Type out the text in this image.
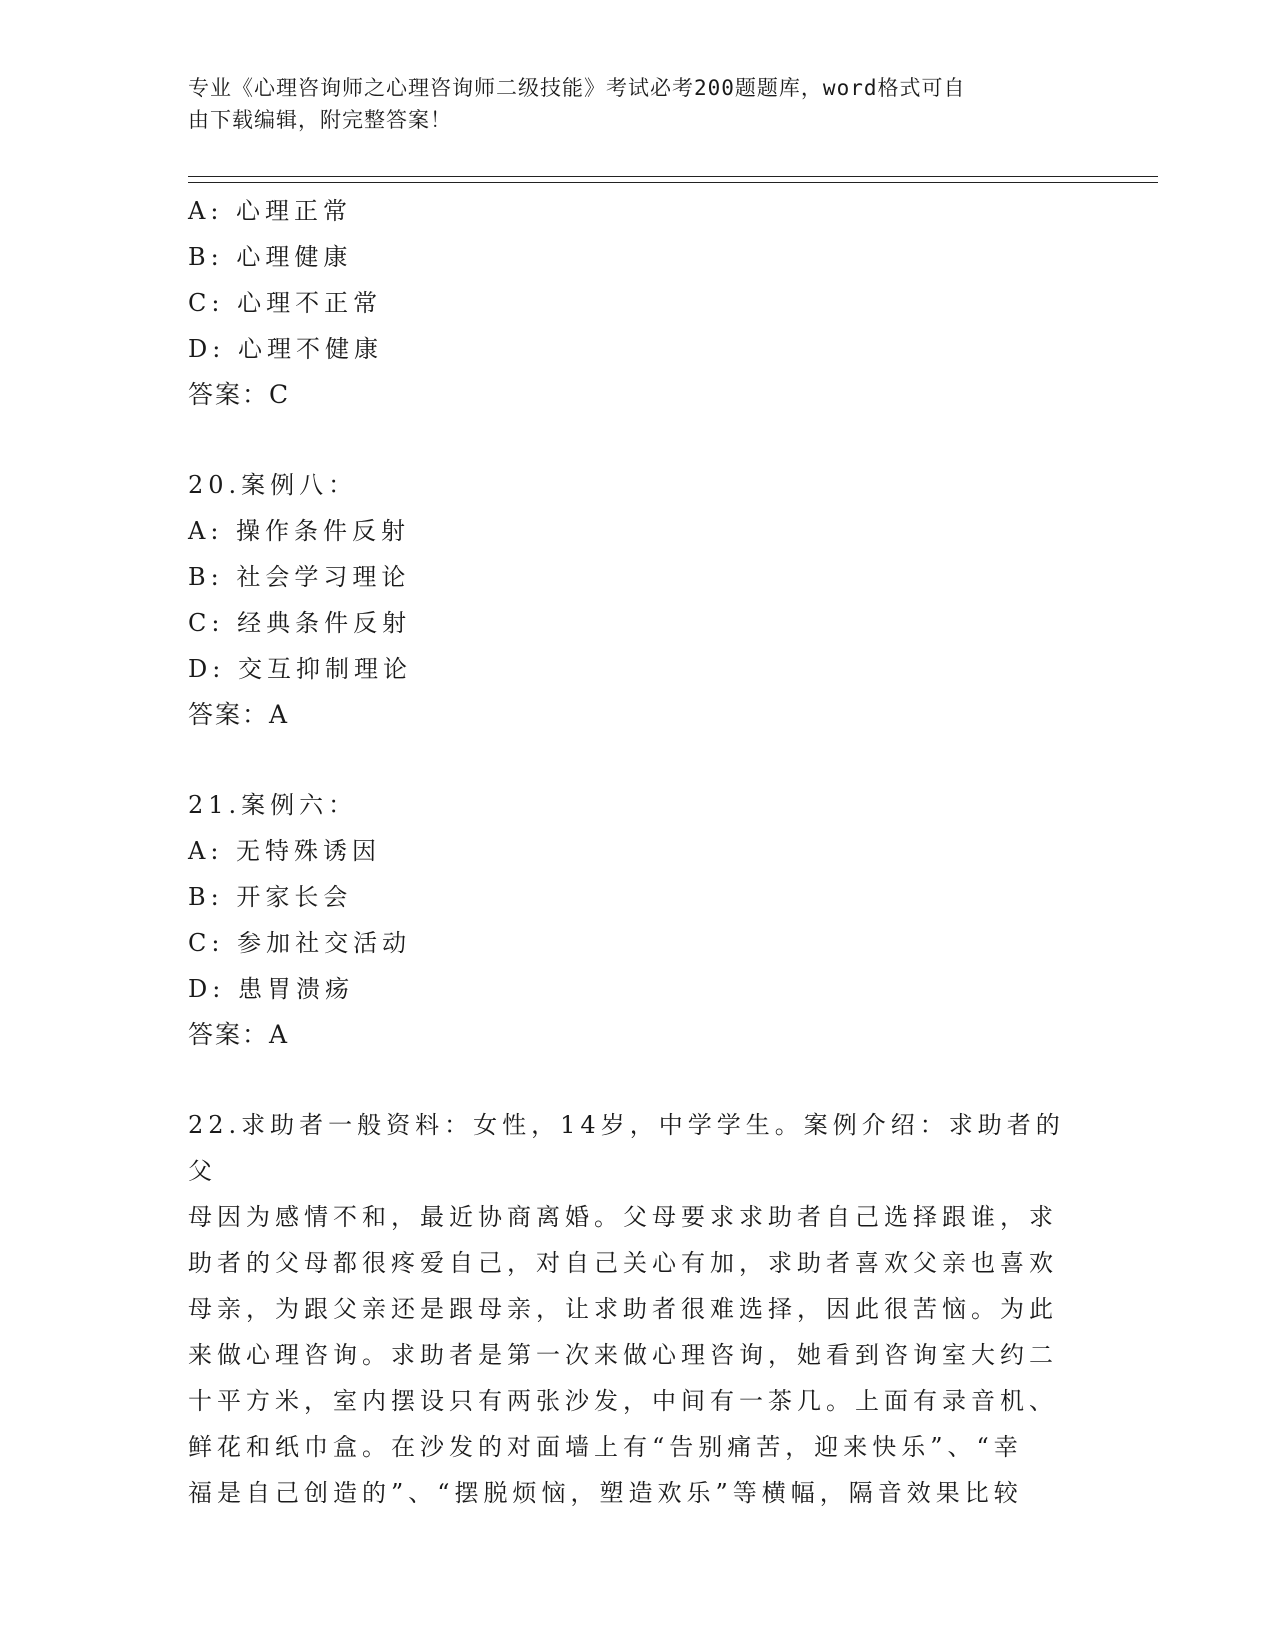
专业《心理咨询师之心理咨询师二级技能》考试必考200题题库，word格式可自
由下载编辑，附完整答案！
A: 心理正常
B: 心理健康
C: 心理不正常
D: 心理不健康
答案：C
20.案例八：
A: 操作条件反射
B: 社会学习理论
C: 经典条件反射
D: 交互抑制理论
答案：A
21.案例六：
A: 无特殊诱因
B: 开家长会
C: 参加社交活动
D: 患胃溃疡
答案：A
22.求助者一般资料：女性，14岁，中学学生。案例介绍：求助者的父
母因为感情不和，最近协商离婚。父母要求求助者自己选择跟谁，求
助者的父母都很疼爱自己，对自己关心有加，求助者喜欢父亲也喜欢
母亲，为跟父亲还是跟母亲，让求助者很难选择，因此很苦恼。为此
来做心理咨询。求助者是第一次来做心理咨询，她看到咨询室大约二
十平方米，室内摆设只有两张沙发，中间有一茶几。上面有录音机、
鲜花和纸巾盒。在沙发的对面墙上有“告别痛苦，迎来快乐”、“幸
福是自己创造的”、“摆脱烦恼，塑造欢乐”等横幅，隔音效果比较
